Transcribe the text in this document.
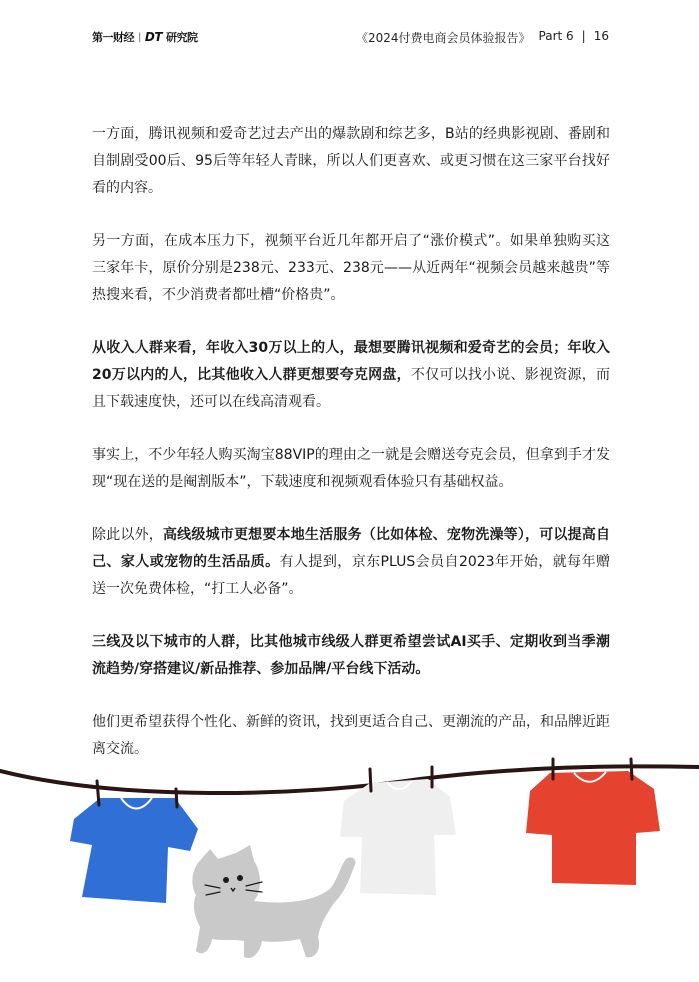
第一财经 | DT 研究院	《2024付费电商会员体验报告》 Part 6 | 16

一方面，腾讯视频和爱奇艺过去产出的爆款剧和综艺多，B站的经典影视剧、番剧和自制剧受00后、95后等年轻人青睐，所以人们更喜欢、或更习惯在这三家平台找好看的内容。

另一方面，在成本压力下，视频平台近几年都开启了“涨价模式”。如果单独购买这三家年卡，原价分别是238元、233元、238元——从近两年“视频会员越来越贵”等热搜来看，不少消费者都吐槽“价格贵”。

从收入人群来看，年收入30万以上的人，最想要腾讯视频和爱奇艺的会员；年收入20万以内的人，比其他收入人群更想要夸克网盘，不仅可以找小说、影视资源，而且下载速度快，还可以在线高清观看。

事实上，不少年轻人购买淘宝88VIP的理由之一就是会赠送夸克会员，但拿到手才发现“现在送的是阉割版本”，下载速度和视频观看体验只有基础权益。

除此以外，高线级城市更想要本地生活服务（比如体检、宠物洗澡等），可以提高自己、家人或宠物的生活品质。有人提到，京东PLUS会员自2023年开始，就每年赠送一次免费体检，“打工人必备”。

三线及以下城市的人群，比其他城市线级人群更希望尝试AI买手、定期收到当季潮流趋势/穿搭建议/新品推荐、参加品牌/平台线下活动。

他们更希望获得个性化、新鲜的资讯，找到更适合自己、更潮流的产品，和品牌近距离交流。
